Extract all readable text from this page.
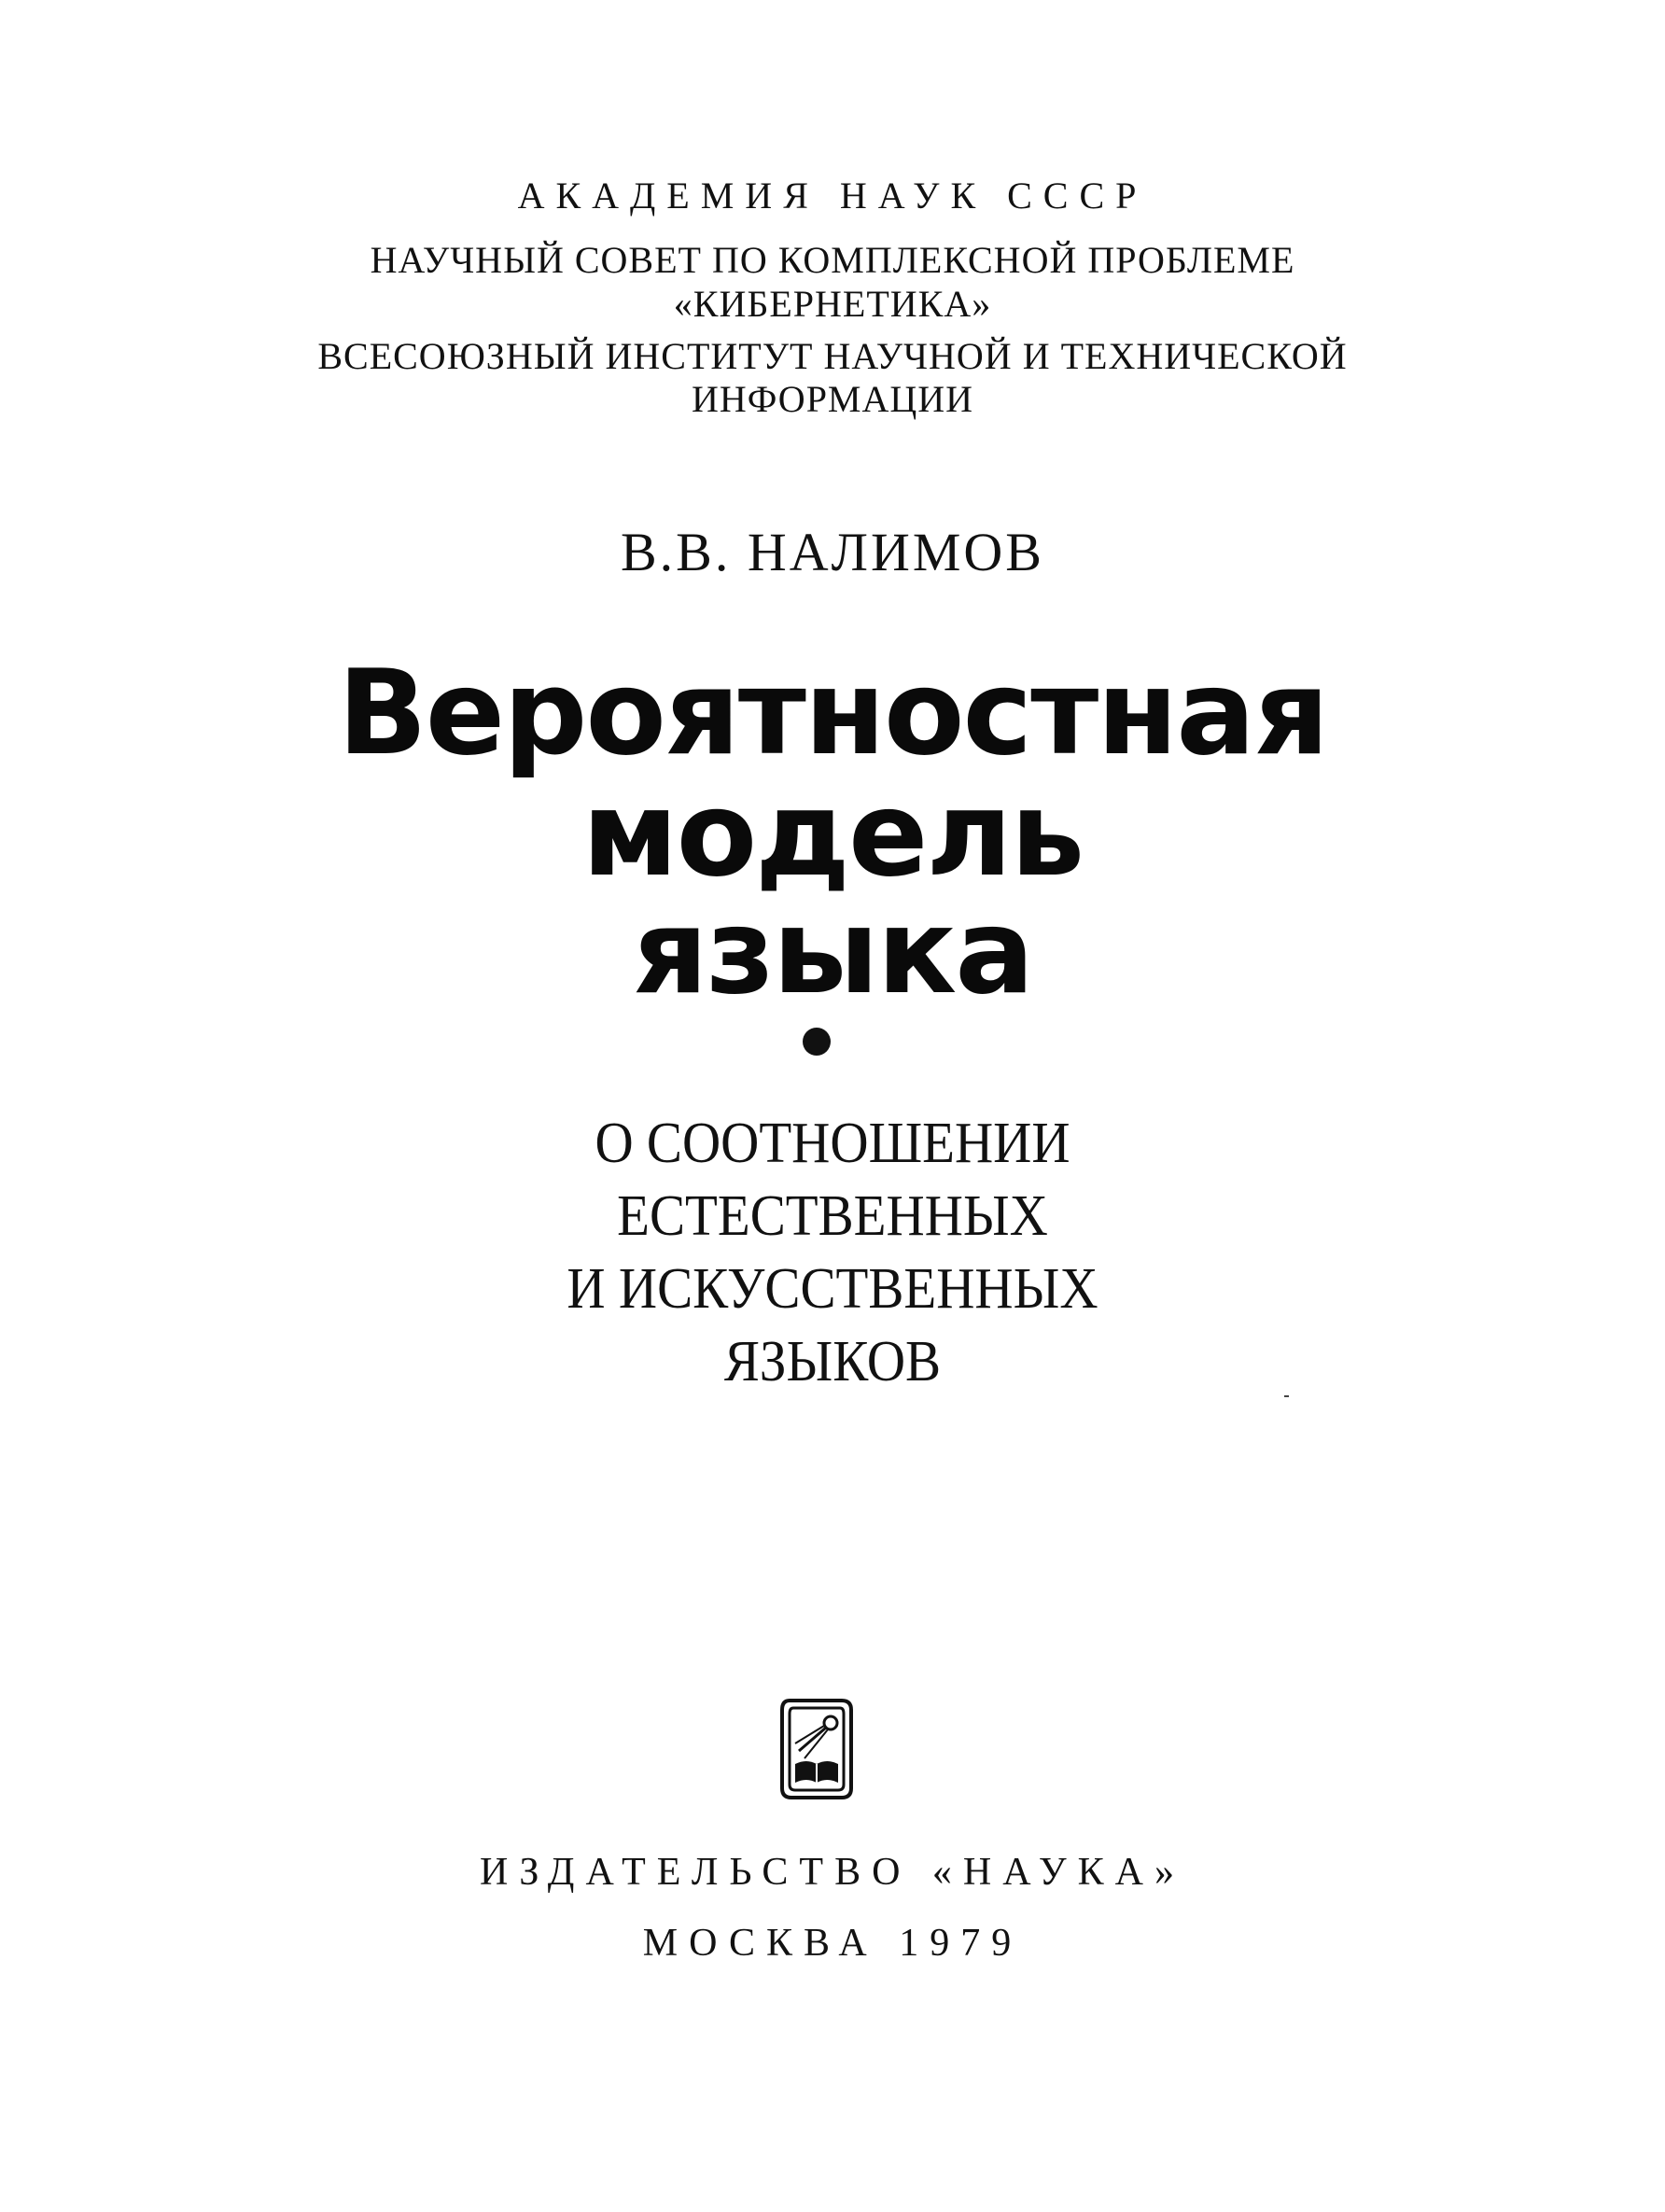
АКАДЕМИЯ НАУК СССР
НАУЧНЫЙ СОВЕТ ПО КОМПЛЕКСНОЙ ПРОБЛЕМЕ
«КИБЕРНЕТИКА»
ВСЕСОЮЗНЫЙ ИНСТИТУТ НАУЧНОЙ И ТЕХНИЧЕСКОЙ
ИНФОРМАЦИИ
В.В. НАЛИМОВ
Вероятностная
модель
языка
О СООТНОШЕНИИ
ЕСТЕСТВЕННЫХ
И ИСКУССТВЕННЫХ
ЯЗЫКОВ
ИЗДАТЕЛЬСТВО «НАУКА»
МОСКВА 1979
